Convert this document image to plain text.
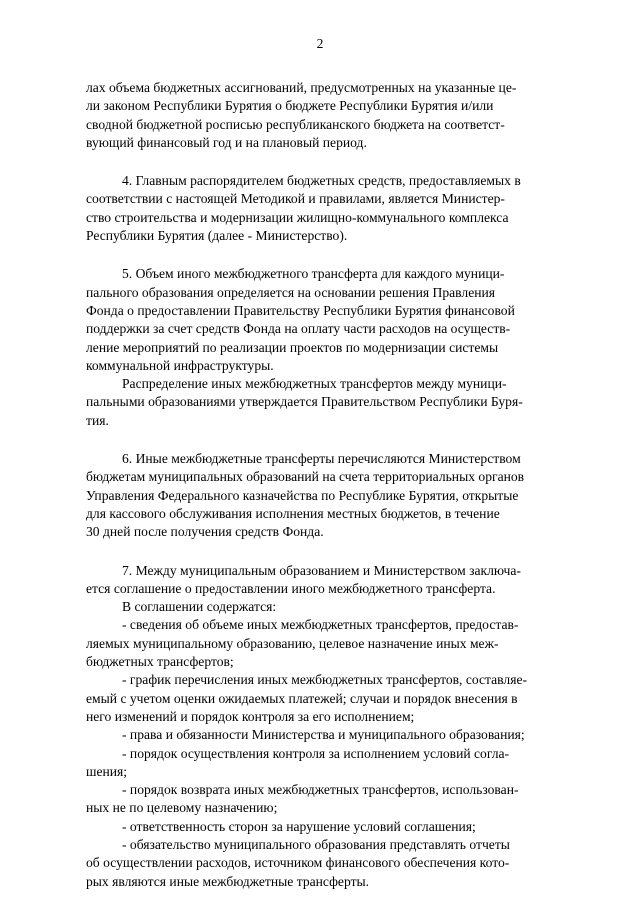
2
лах объема бюджетных ассигнований, предусмотренных на указанные це-
ли законом Республики Бурятия о бюджете Республики Бурятия и/или
сводной бюджетной росписью республиканского бюджета на соответст-
вующий финансовый год и на плановый период.
4. Главным распорядителем бюджетных средств, предоставляемых в
соответствии с настоящей Методикой и правилами, является Министер-
ство строительства и модернизации жилищно-коммунального комплекса
Республики Бурятия (далее - Министерство).
5. Объем иного межбюджетного трансферта для каждого муници-
пального образования определяется на основании решения Правления
Фонда о предоставлении Правительству Республики Бурятия финансовой
поддержки за счет средств Фонда на оплату части расходов на осуществ-
ление мероприятий по реализации проектов по модернизации системы
коммунальной инфраструктуры.
Распределение иных межбюджетных трансфертов между муници-
пальными образованиями утверждается Правительством Республики Буря-
тия.
6. Иные межбюджетные трансферты перечисляются Министерством
бюджетам муниципальных образований на счета территориальных органов
Управления Федерального казначейства по Республике Бурятия, открытые
для кассового обслуживания исполнения местных бюджетов, в течение
30 дней после получения средств Фонда.
7. Между муниципальным образованием и Министерством заключа-
ется соглашение о предоставлении иного межбюджетного трансферта.
В соглашении содержатся:
- сведения об объеме иных межбюджетных трансфертов, предостав-
ляемых муниципальному образованию, целевое назначение иных меж-
бюджетных трансфертов;
- график перечисления иных межбюджетных трансфертов, составляе-
емый с учетом оценки ожидаемых платежей; случаи и порядок внесения в
него изменений и порядок контроля за его исполнением;
- права и обязанности Министерства и муниципального образования;
- порядок осуществления контроля за исполнением условий согла-
шения;
- порядок возврата иных межбюджетных трансфертов, использован-
ных не по целевому назначению;
- ответственность сторон за нарушение условий соглашения;
- обязательство муниципального образования представлять отчеты
об осуществлении расходов, источником финансового обеспечения кото-
рых являются иные межбюджетные трансферты.
